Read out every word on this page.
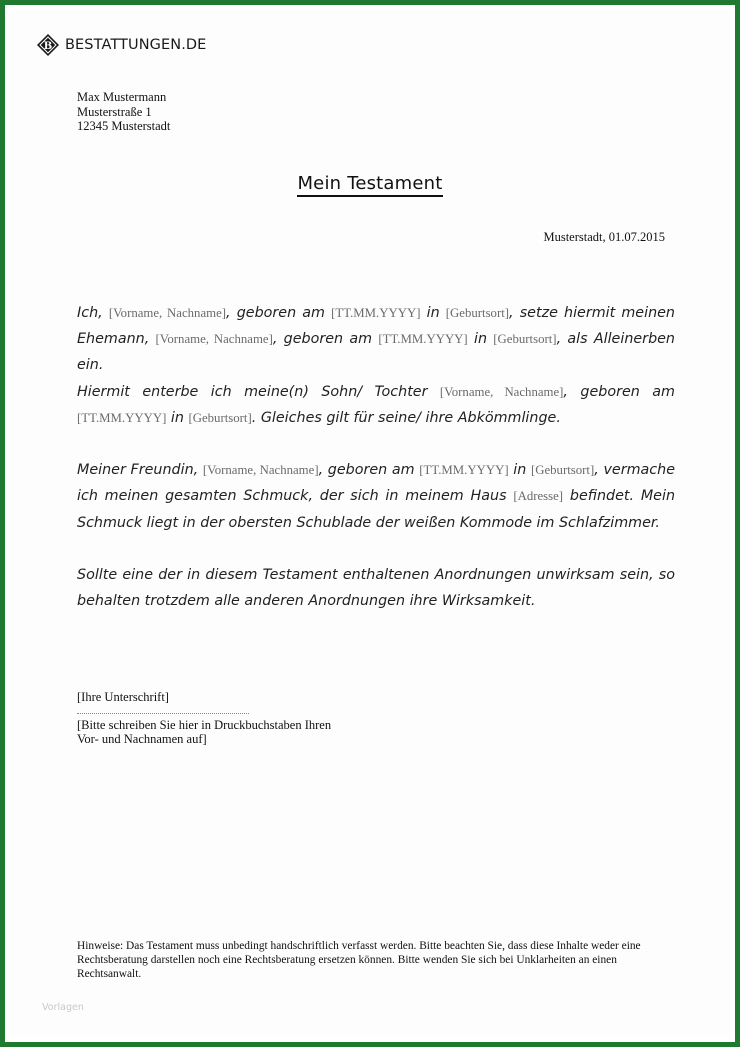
B BESTATTUNGEN.DE
Max Mustermann
Musterstraße 1
12345 Musterstadt
Mein Testament
Musterstadt, 01.07.2015

Ich, [Vorname, Nachname], geboren am [TT.MM.YYYY] in [Geburtsort], setze hiermit meinen Ehemann, [Vorname, Nachname], geboren am [TT.MM.YYYY] in [Geburtsort], als Alleinerben ein.
Hiermit enterbe ich meine(n) Sohn/ Tochter [Vorname, Nachname], geboren am [TT.MM.YYYY] in [Geburtsort]. Gleiches gilt für seine/ ihre Abkömmlinge.

Meiner Freundin, [Vorname, Nachname], geboren am [TT.MM.YYYY] in [Geburtsort], vermache ich meinen gesamten Schmuck, der sich in meinem Haus [Adresse] befindet. Mein Schmuck liegt in der obersten Schublade der weißen Kommode im Schlafzimmer.

Sollte eine der in diesem Testament enthaltenen Anordnungen unwirksam sein, so behalten trotzdem alle anderen Anordnungen ihre Wirksamkeit.

[Ihre Unterschrift]
[Bitte schreiben Sie hier in Druckbuchstaben Ihren
Vor- und Nachnamen auf]
Hinweise: Das Testament muss unbedingt handschriftlich verfasst werden. Bitte beachten Sie, dass diese Inhalte weder eine Rechtsberatung darstellen noch eine Rechtsberatung ersetzen können. Bitte wenden Sie sich bei Unklarheiten an einen Rechtsanwalt.
Vorlagen
